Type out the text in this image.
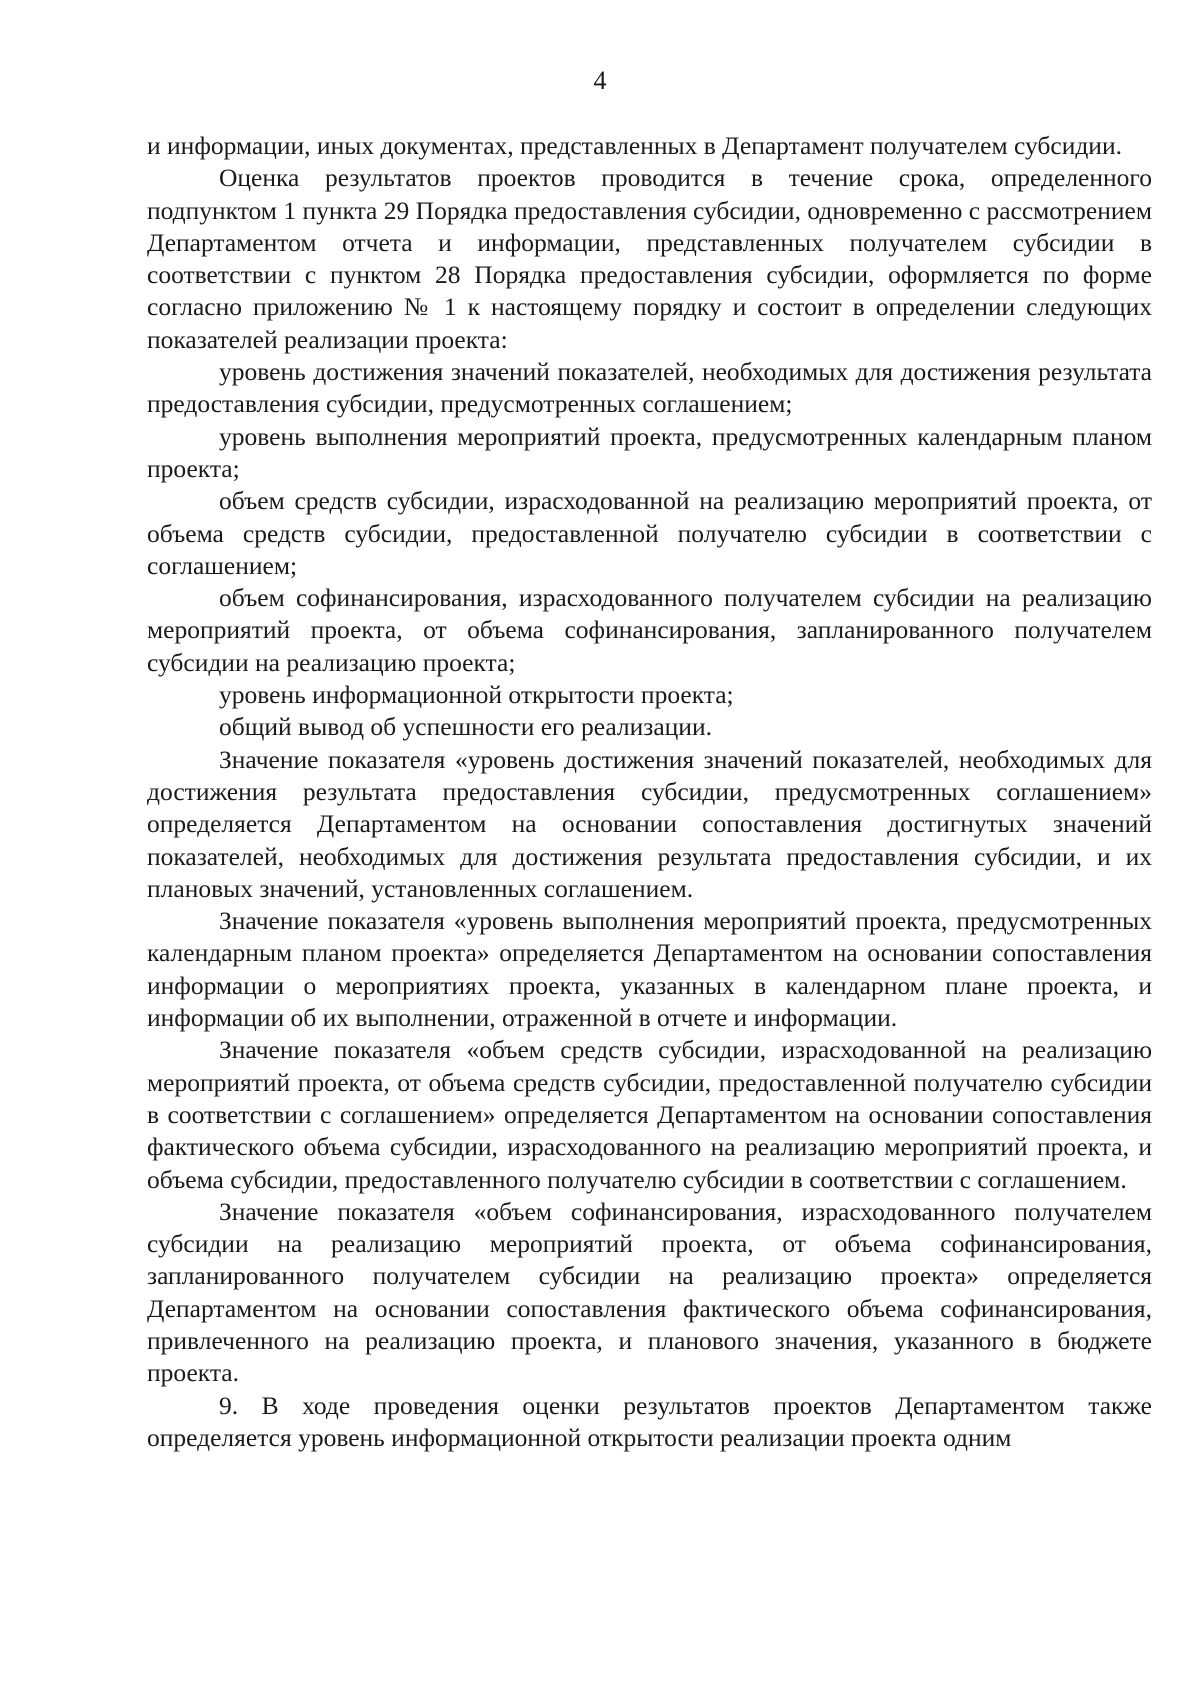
4

и информации, иных документах, представленных в Департамент получателем субсидии.

Оценка результатов проектов проводится в течение срока, определенного подпунктом 1 пункта 29 Порядка предоставления субсидии, одновременно с рассмотрением Департаментом отчета и информации, представленных получателем субсидии в соответствии с пунктом 28 Порядка предоставления субсидии, оформляется по форме согласно приложению № 1 к настоящему порядку и состоит в определении следующих показателей реализации проекта:

уровень достижения значений показателей, необходимых для достижения результата предоставления субсидии, предусмотренных соглашением;

уровень выполнения мероприятий проекта, предусмотренных календарным планом проекта;

объем средств субсидии, израсходованной на реализацию мероприятий проекта, от объема средств субсидии, предоставленной получателю субсидии в соответствии с соглашением;

объем софинансирования, израсходованного получателем субсидии на реализацию мероприятий проекта, от объема софинансирования, запланированного получателем субсидии на реализацию проекта;

уровень информационной открытости проекта;

общий вывод об успешности его реализации.

Значение показателя «уровень достижения значений показателей, необходимых для достижения результата предоставления субсидии, предусмотренных соглашением» определяется Департаментом на основании сопоставления достигнутых значений показателей, необходимых для достижения результата предоставления субсидии, и их плановых значений, установленных соглашением.

Значение показателя «уровень выполнения мероприятий проекта, предусмотренных календарным планом проекта» определяется Департаментом на основании сопоставления информации о мероприятиях проекта, указанных в календарном плане проекта, и информации об их выполнении, отраженной в отчете и информации.

Значение показателя «объем средств субсидии, израсходованной на реализацию мероприятий проекта, от объема средств субсидии, предоставленной получателю субсидии в соответствии с соглашением» определяется Департаментом на основании сопоставления фактического объема субсидии, израсходованного на реализацию мероприятий проекта, и объема субсидии, предоставленного получателю субсидии в соответствии с соглашением.

Значение показателя «объем софинансирования, израсходованного получателем субсидии на реализацию мероприятий проекта, от объема софинансирования, запланированного получателем субсидии на реализацию проекта» определяется Департаментом на основании сопоставления фактического объема софинансирования, привлеченного на реализацию проекта, и планового значения, указанного в бюджете проекта.

9. В ходе проведения оценки результатов проектов Департаментом также определяется уровень информационной открытости реализации проекта одним
